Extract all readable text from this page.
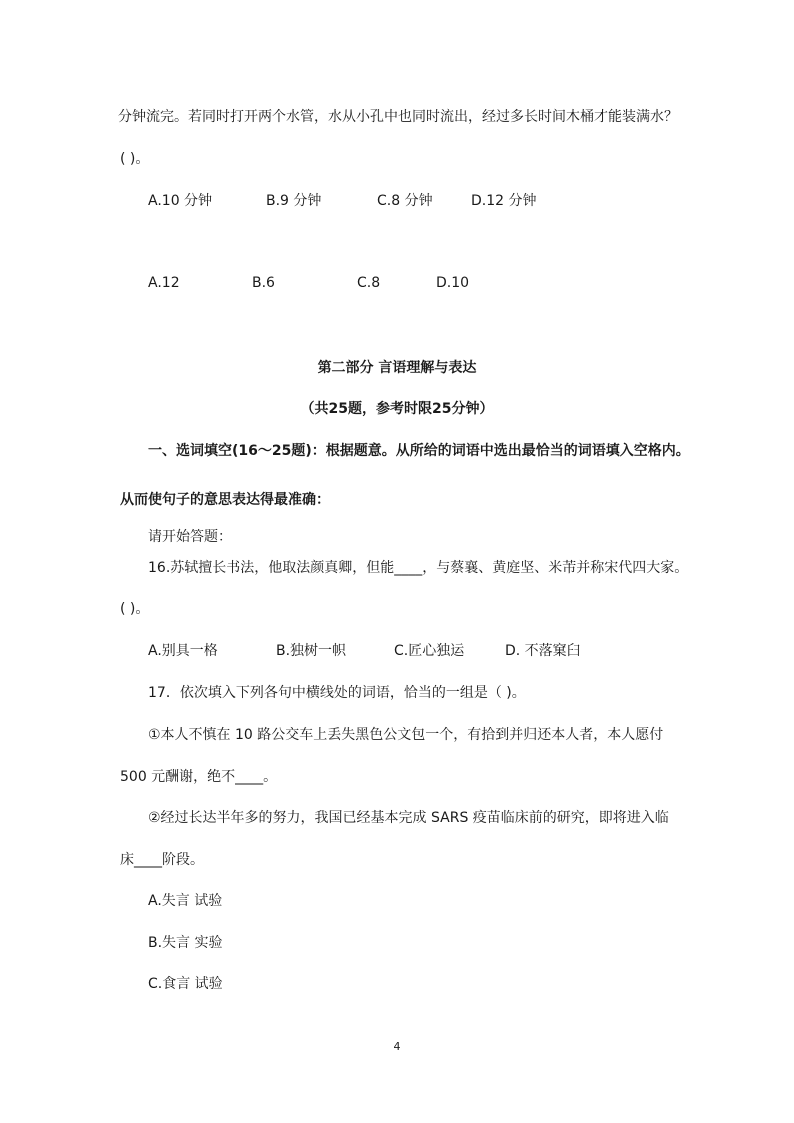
分钟流完。若同时打开两个水管，水从小孔中也同时流出，经过多长时间木桶才能装满水？
( )。
A.10 分钟	B.9 分钟	C.8 分钟	D.12 分钟
A.12	B.6	C.8	D.10
第二部分 言语理解与表达
（共25题，参考时限25分钟）
一、选词填空(16～25题)：根据题意。从所给的词语中选出最恰当的词语填入空格内。
从而使句子的意思表达得最准确：
请开始答题：
16.苏轼擅长书法，他取法颜真卿，但能____，与蔡襄、黄庭坚、米芾并称宋代四大家。
( )。
A.别具一格	B.独树一帜	C.匠心独运	D. 不落窠臼
17．依次填入下列各句中横线处的词语，恰当的一组是（ )。
①本人不慎在 10 路公交车上丢失黑色公文包一个，有拾到并归还本人者，本人愿付
500 元酬谢，绝不____。
②经过长达半年多的努力，我国已经基本完成 SARS 疫苗临床前的研究，即将进入临
床____阶段。
A.失言 试验
B.失言 实验
C.食言 试验
4
